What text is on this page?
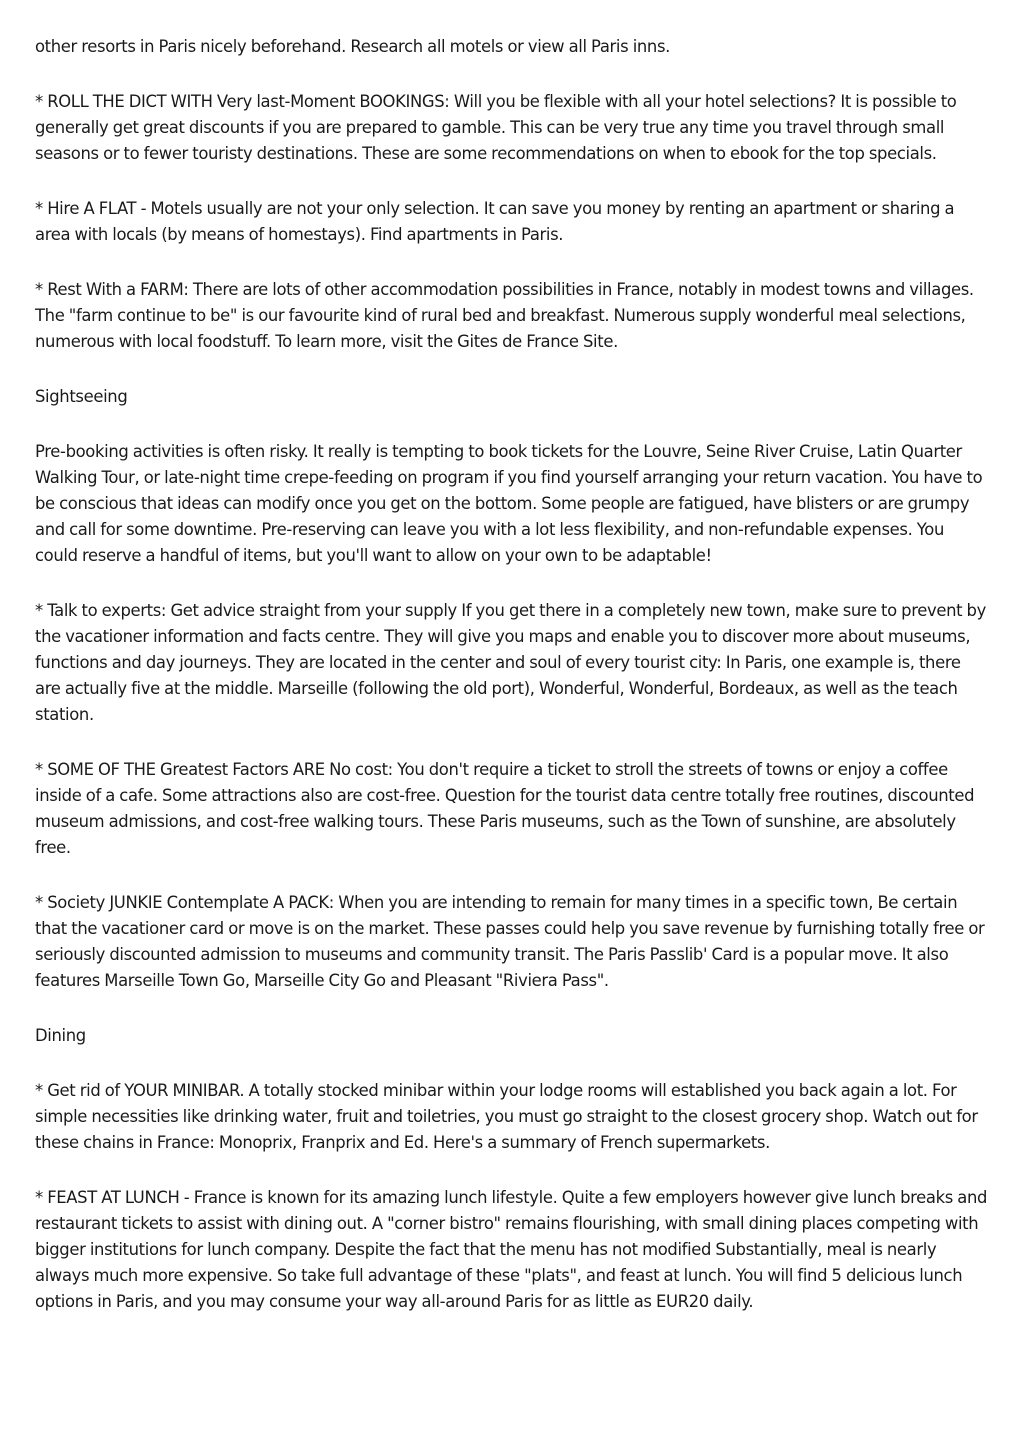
other resorts in Paris nicely beforehand. Research all motels or view all Paris inns.

* ROLL THE DICT WITH Very last-Moment BOOKINGS: Will you be flexible with all your hotel selections? It is possible to generally get great discounts if you are prepared to gamble. This can be very true any time you travel through small seasons or to fewer touristy destinations. These are some recommendations on when to ebook for the top specials.

* Hire A FLAT - Motels usually are not your only selection. It can save you money by renting an apartment or sharing a area with locals (by means of homestays). Find apartments in Paris.

* Rest With a FARM: There are lots of other accommodation possibilities in France, notably in modest towns and villages. The "farm continue to be" is our favourite kind of rural bed and breakfast. Numerous supply wonderful meal selections, numerous with local foodstuff. To learn more, visit the Gites de France Site.

Sightseeing

Pre-booking activities is often risky. It really is tempting to book tickets for the Louvre, Seine River Cruise, Latin Quarter Walking Tour, or late-night time crepe-feeding on program if you find yourself arranging your return vacation. You have to be conscious that ideas can modify once you get on the bottom. Some people are fatigued, have blisters or are grumpy and call for some downtime. Pre-reserving can leave you with a lot less flexibility, and non-refundable expenses. You could reserve a handful of items, but you'll want to allow on your own to be adaptable!

* Talk to experts: Get advice straight from your supply If you get there in a completely new town, make sure to prevent by the vacationer information and facts centre. They will give you maps and enable you to discover more about museums, functions and day journeys. They are located in the center and soul of every tourist city: In Paris, one example is, there are actually five at the middle. Marseille (following the old port), Wonderful, Wonderful, Bordeaux, as well as the teach station.

* SOME OF THE Greatest Factors ARE No cost: You don't require a ticket to stroll the streets of towns or enjoy a coffee inside of a cafe. Some attractions also are cost-free. Question for the tourist data centre totally free routines, discounted museum admissions, and cost-free walking tours. These Paris museums, such as the Town of sunshine, are absolutely free.

* Society JUNKIE Contemplate A PACK: When you are intending to remain for many times in a specific town, Be certain that the vacationer card or move is on the market. These passes could help you save revenue by furnishing totally free or seriously discounted admission to museums and community transit. The Paris Passlib' Card is a popular move. It also features Marseille Town Go, Marseille City Go and Pleasant "Riviera Pass".

Dining

* Get rid of YOUR MINIBAR. A totally stocked minibar within your lodge rooms will established you back again a lot. For simple necessities like drinking water, fruit and toiletries, you must go straight to the closest grocery shop. Watch out for these chains in France: Monoprix, Franprix and Ed. Here's a summary of French supermarkets.

* FEAST AT LUNCH - France is known for its amazing lunch lifestyle. Quite a few employers however give lunch breaks and restaurant tickets to assist with dining out. A "corner bistro" remains flourishing, with small dining places competing with bigger institutions for lunch company. Despite the fact that the menu has not modified Substantially, meal is nearly always much more expensive. So take full advantage of these "plats", and feast at lunch. You will find 5 delicious lunch options in Paris, and you may consume your way all-around Paris for as little as EUR20 daily.
